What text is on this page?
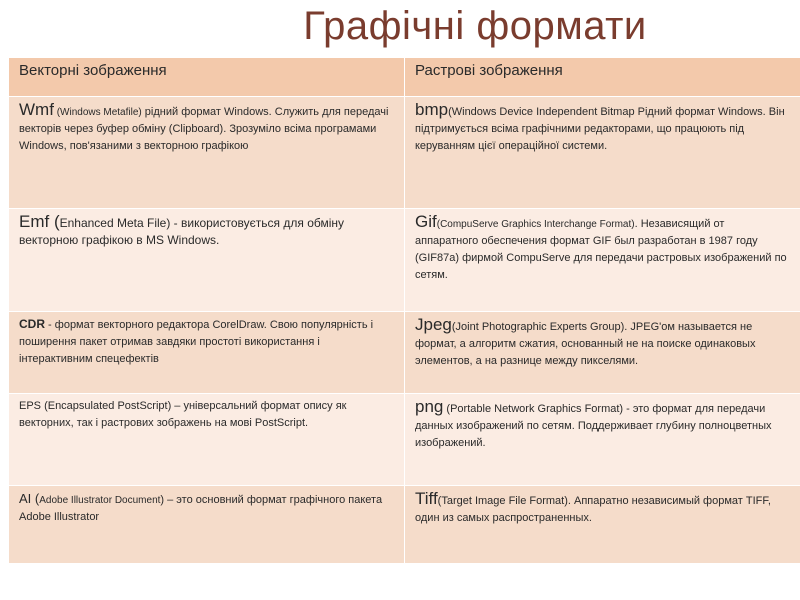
Графічні формати
Векторні зображення	Растрові зображення
Wmf (Windows Metafile) рідний формат Windows. Служить для передачі векторів через буфер обміну (Clipboard). Зрозуміло всіма програмами Windows, пов'язаними з векторною графікою	bmp(Windows Device Independent Bitmap Рідний формат Windows. Він підтримується всіма графічними редакторами, що працюють під керуванням цієї операційної системи.
Emf (Enhanced Meta File) - використовується для обміну векторною графікою в MS Windows.	Gif(CompuServe Graphics Interchange Format). Независящий от аппаратного обеспечения формат GIF был разработан в 1987 году (GIF87a) фирмой CompuServe для передачи растровых изображений по сетям.
CDR - формат векторного редактора CorelDraw. Свою популярність і поширення пакет отримав завдяки простоті використання і інтерактивним спецефектів	Jpeg(Joint Photographic Experts Group). JPEG'ом называется не формат, а алгоритм сжатия, основанный не на поиске одинаковых элементов, а на разнице между пикселями.
EPS (Encapsulated PostScript) – універсальний формат опису як векторних, так і растрових зображень на мові PostScript.	png (Portable Network Graphics Format) - это формат для передачи данных изображений по сетям. Поддерживает глубину полноцветных изображений.
AI (Adobe Illustrator Document) – это основний формат графічного пакета Adobe Illustrator	Tiff(Target Image File Format). Аппаратно независимый формат TIFF, один из самых распространенных.
